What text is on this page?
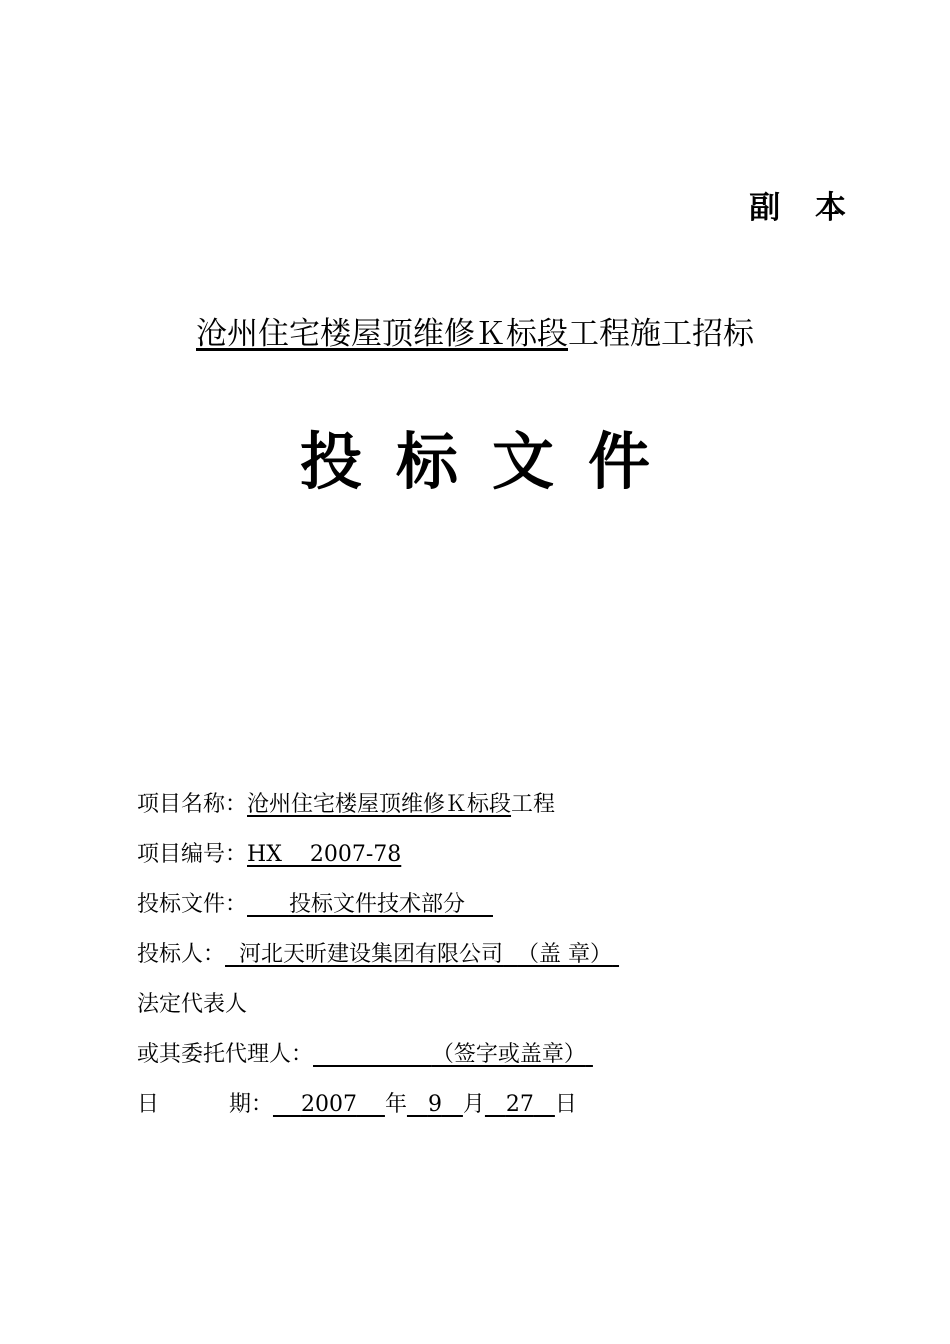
副 本
沧州住宅楼屋顶维修Ｋ标段工程施工招标
投标文件
项目名称：沧州住宅楼屋顶维修Ｋ标段工程
项目编号：HX    2007-78
投标文件： 投标文件技术部分
投标人： 河北天昕建设集团有限公司 （盖 章）
法定代表人
或其委托代理人：	（签字或盖章）
日	期： 2007 年 9 月 27 日
